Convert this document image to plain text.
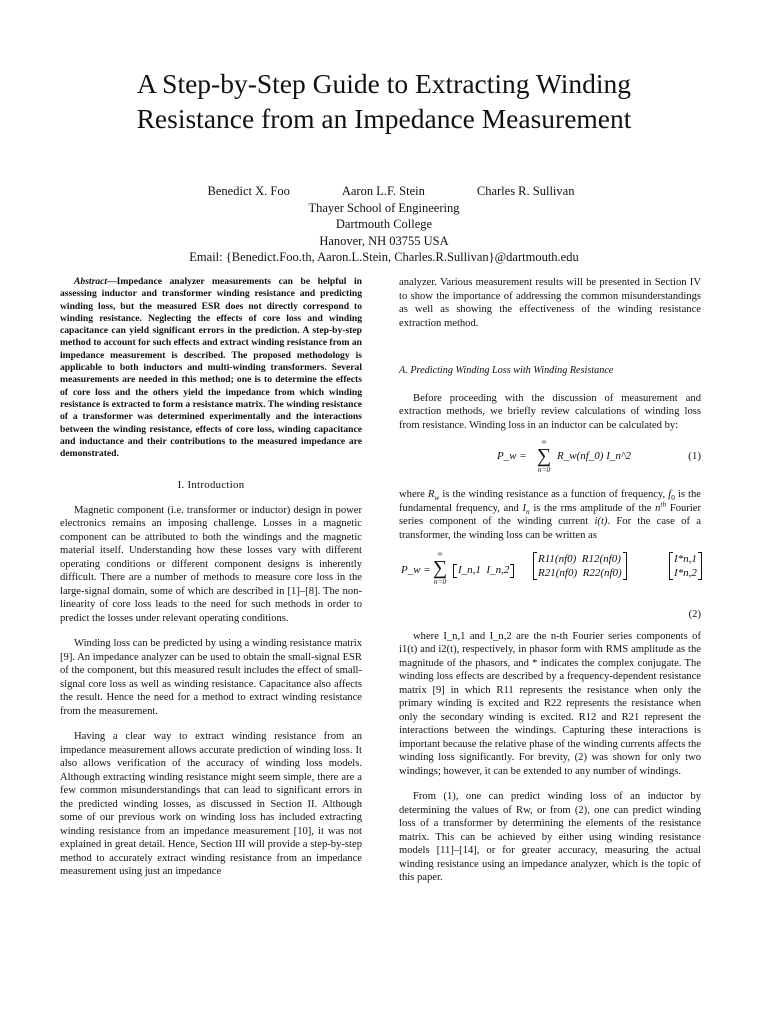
A Step-by-Step Guide to Extracting Winding
Resistance from an Impedance Measurement
Benedict X. Foo	Aaron L.F. Stein	Charles R. Sullivan
Thayer School of Engineering
Dartmouth College
Hanover, NH 03755 USA
Email: {Benedict.Foo.th, Aaron.L.Stein, Charles.R.Sullivan}@dartmouth.edu

Abstract—Impedance analyzer measurements can be helpful in assessing inductor and transformer winding resistance and predicting winding loss, but the measured ESR does not directly correspond to winding resistance. Neglecting the effects of core loss and winding capacitance can yield significant errors in the prediction. A step-by-step method to account for such effects and extract winding resistance from an impedance measurement is described. The proposed methodology is applicable to both inductors and multi-winding transformers. Several measurements are needed in this method; one is to determine the effects of core loss and the others yield the impedance from which winding resistance is extracted to form a resistance matrix. The winding resistance of a transformer was determined experimentally and the interactions between the winding resistance, effects of core loss, winding capacitance and inductance and their contributions to the measured impedance are demonstrated.

I. Introduction

Magnetic component (i.e. transformer or inductor) design in power electronics remains an imposing challenge. Losses in a magnetic component can be attributed to both the windings and the magnetic material itself. Understanding how these losses vary with different operating conditions or different component designs is inherently difficult. There are a number of methods to measure core loss in the large-signal domain, some of which are described in [1]–[8]. The non-linearity of core loss leads to the need for such methods in order to predict the losses under relevant operating conditions.

Winding loss can be predicted by using a winding resistance matrix [9]. An impedance analyzer can be used to obtain the small-signal ESR of the component, but this measured result includes the effect of small-signal core loss as well as winding resistance. Capacitance also affects the result. Hence the need for a method to extract winding resistance from the measurement.

Having a clear way to extract winding resistance from an impedance measurement allows accurate prediction of winding loss. It also allows verification of the accuracy of winding loss models. Although extracting winding resistance might seem simple, there are a few common misunderstandings that can lead to significant errors in the predicted winding losses, as discussed in Section II. Although some of our previous work on winding loss has included extracting winding resistance from an impedance measurement [10], it was not explained in great detail. Hence, Section III will provide a step-by-step method to accurately extract winding resistance from an impedance measurement using just an impedance

analyzer. Various measurement results will be presented in Section IV to show the importance of addressing the common misunderstandings as well as showing the effectiveness of the winding resistance extraction method.

A. Predicting Winding Loss with Winding Resistance

Before proceeding with the discussion of measurement and extraction methods, we briefly review calculations of winding loss from resistance. Winding loss in an inductor can be calculated by:

P_w =
∞
∑
n=0
R_w(nf_0) I_n^2	(1)

where $R_w$ is the winding resistance as a function of frequency, $f_0$ is the fundamental frequency, and $I_n$ is the rms amplitude of the $n^{th}$ Fourier series component of the winding current i(t). For the case of a transformer, the winding loss can be written as

P_w =
∞
∑
n=0
I_n,1 I_n,2
R11(nf0) R12(nf0)
R21(nf0) R22(nf0)
I*n,1
I*n,2
(2)

where I_n,1 and I_n,2 are the n-th Fourier series components of i1(t) and i2(t), respectively, in phasor form with RMS amplitude as the magnitude of the phasors, and * indicates the complex conjugate. The winding loss effects are described by a frequency-dependent resistance matrix [9] in which R11 represents the resistance when only the primary winding is excited and R22 represents the resistance when only the secondary winding is excited. R12 and R21 represent the interactions between the windings. Capturing these interactions is important because the relative phase of the winding currents affects the winding loss significantly. For brevity, (2) was shown for only two windings; however, it can be extended to any number of windings.

From (1), one can predict winding loss of an inductor by determining the values of Rw, or from (2), one can predict winding loss of a transformer by determining the elements of the resistance matrix. This can be achieved by either using winding resistance models [11]–[14], or for greater accuracy, measuring the actual winding resistance using an impedance analyzer, which is the topic of this paper.
